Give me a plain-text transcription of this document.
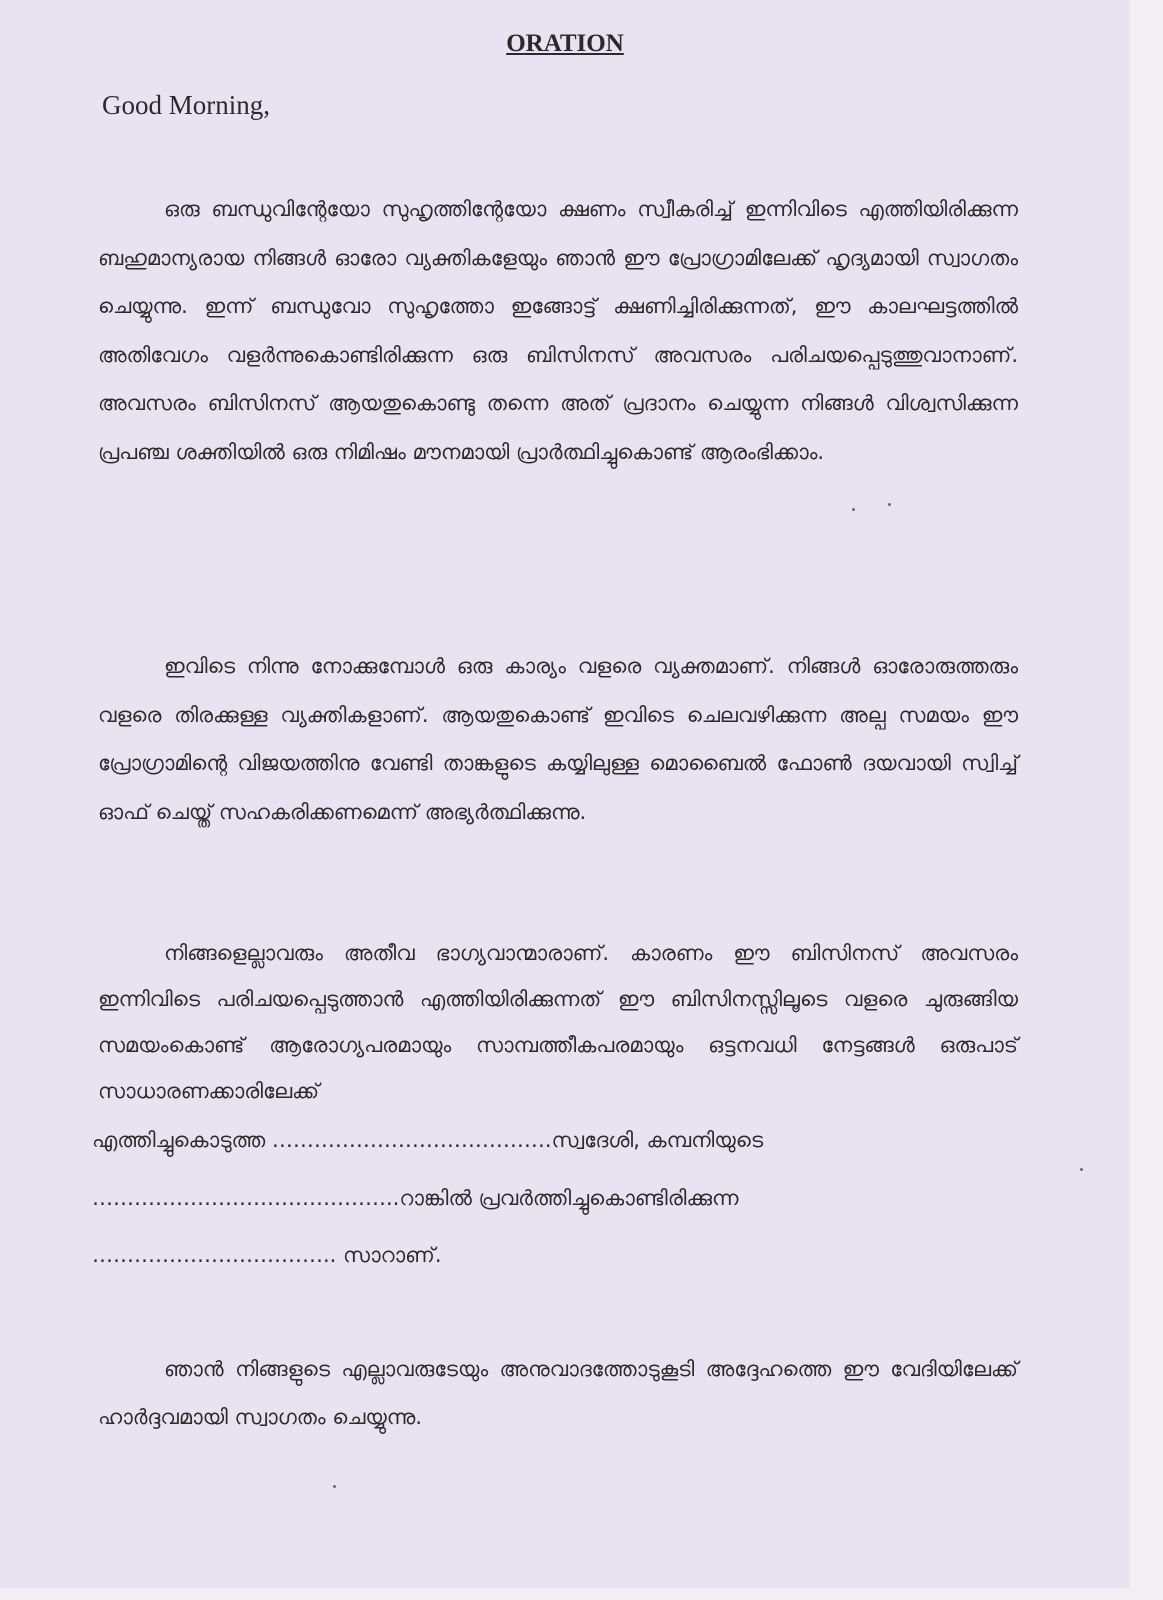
ORATION
Good Morning,

ഒരു ബന്ധുവിന്റേയോ സുഹൃത്തിന്റേയോ ക്ഷണം സ്വീകരിച്ച് ഇന്നിവിടെ എത്തിയിരിക്കുന്ന ബഹുമാന്യരായ നിങ്ങൾ ഓരോ വ്യക്തികളേയും ഞാൻ ഈ പ്രോഗ്രാമിലേക്ക് ഹൃദ്യമായി സ്വാഗതം ചെയ്യുന്നു. ഇന്ന് ബന്ധുവോ സുഹൃത്തോ ഇങ്ങോട്ട് ക്ഷണിച്ചിരിക്കുന്നത്, ഈ കാലഘട്ടത്തിൽ അതിവേഗം വളർന്നുകൊണ്ടിരിക്കുന്ന ഒരു ബിസിനസ് അവസരം പരിചയപ്പെടുത്തുവാനാണ്. അവസരം ബിസിനസ് ആയതുകൊണ്ടു തന്നെ അത് പ്രദാനം ചെയ്യുന്ന നിങ്ങൾ വിശ്വസിക്കുന്ന പ്രപഞ്ച ശക്തിയിൽ ഒരു നിമിഷം മൗനമായി പ്രാർത്ഥിച്ചുകൊണ്ട് ആരംഭിക്കാം.

ഇവിടെ നിന്നു നോക്കുമ്പോൾ ഒരു കാര്യം വളരെ വ്യക്തമാണ്. നിങ്ങൾ ഓരോരുത്തരും വളരെ തിരക്കുള്ള വ്യക്തികളാണ്. ആയതുകൊണ്ട് ഇവിടെ ചെലവഴിക്കുന്ന അല്പ സമയം ഈ പ്രോഗ്രാമിന്റെ വിജയത്തിനു വേണ്ടി താങ്കളുടെ കയ്യിലുള്ള മൊബൈൽ ഫോൺ ദയവായി സ്വിച്ച് ഓഫ് ചെയ്ത് സഹകരിക്കണമെന്ന് അഭ്യർത്ഥിക്കുന്നു.

നിങ്ങളെല്ലാവരും അതീവ ഭാഗ്യവാന്മാരാണ്. കാരണം ഈ ബിസിനസ് അവസരം ഇന്നിവിടെ പരിചയപ്പെടുത്താൻ എത്തിയിരിക്കുന്നത് ഈ ബിസിനസ്സിലൂടെ വളരെ ചുരുങ്ങിയ സമയംകൊണ്ട് ആരോഗ്യപരമായും സാമ്പത്തീകപരമായും ഒട്ടനവധി നേട്ടങ്ങൾ ഒരുപാട് സാധാരണക്കാരിലേക്ക്

എത്തിച്ചുകൊടുത്ത ………………………………….സ്വദേശി, കമ്പനിയുടെ
……………………………………..റാങ്കിൽ പ്രവർത്തിച്ചുകൊണ്ടിരിക്കുന്ന
…………………………….. സാറാണ്.

ഞാൻ നിങ്ങളുടെ എല്ലാവരുടേയും അനുവാദത്തോടുകൂടി അദ്ദേഹത്തെ ഈ വേദിയിലേക്ക് ഹാർദ്ദവമായി സ്വാഗതം ചെയ്യുന്നു.
